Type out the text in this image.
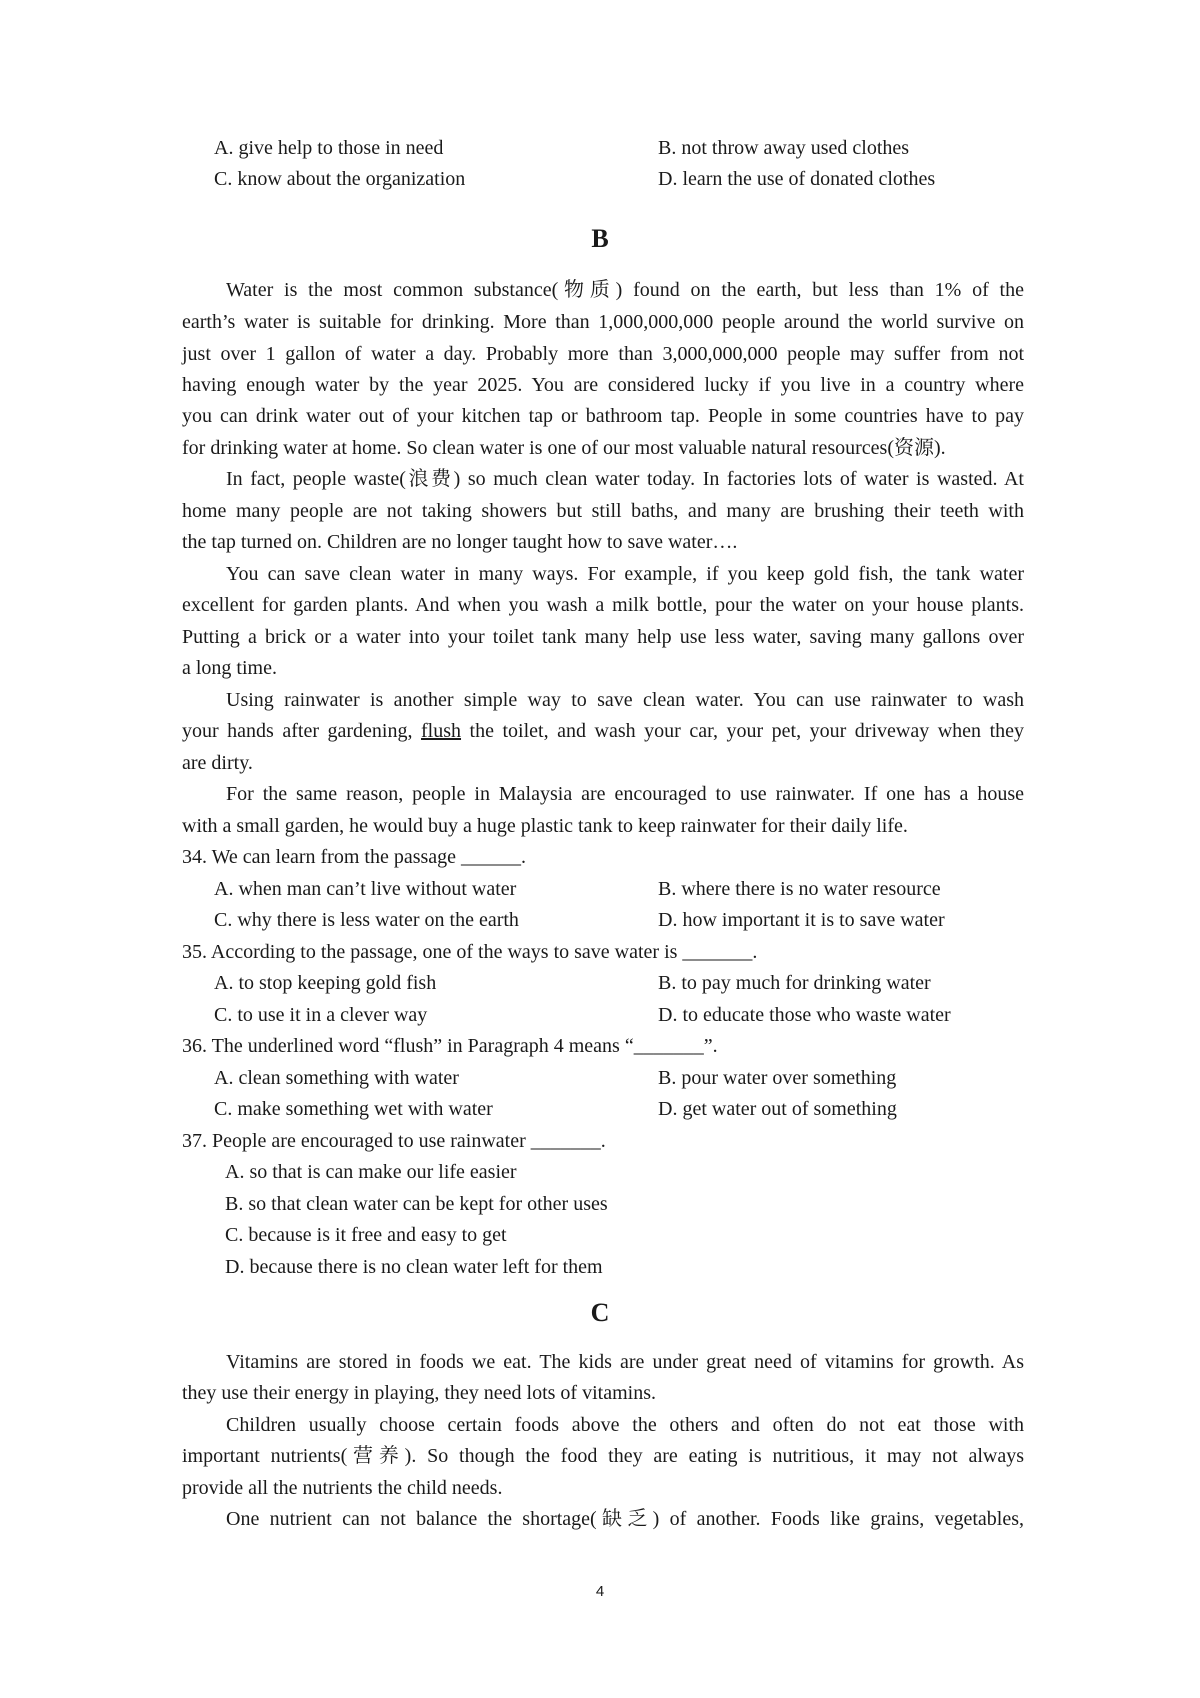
A. give help to those in need	B. not throw away used clothes
C. know about the organization	D. learn the use of donated clothes
B
Water is the most common substance(物质) found on the earth, but less than 1% of the
earth’s water is suitable for drinking. More than 1,000,000,000 people around the world survive on
just over 1 gallon of water a day. Probably more than 3,000,000,000 people may suffer from not
having enough water by the year 2025. You are considered lucky if you live in a country where
you can drink water out of your kitchen tap or bathroom tap. People in some countries have to pay
for drinking water at home. So clean water is one of our most valuable natural resources(资源).
In fact, people waste(浪费) so much clean water today. In factories lots of water is wasted. At
home many people are not taking showers but still baths, and many are brushing their teeth with
the tap turned on. Children are no longer taught how to save water….
You can save clean water in many ways. For example, if you keep gold fish, the tank water
excellent for garden plants. And when you wash a milk bottle, pour the water on your house plants.
Putting a brick or a water into your toilet tank many help use less water, saving many gallons over
a long time.
Using rainwater is another simple way to save clean water. You can use rainwater to wash
your hands after gardening, flush the toilet, and wash your car, your pet, your driveway when they
are dirty.
For the same reason, people in Malaysia are encouraged to use rainwater. If one has a house
with a small garden, he would buy a huge plastic tank to keep rainwater for their daily life.
34. We can learn from the passage ______.
A. when man can’t live without water	B. where there is no water resource
C. why there is less water on the earth	D. how important it is to save water
35. According to the passage, one of the ways to save water is _______.
A. to stop keeping gold fish	B. to pay much for drinking water
C. to use it in a clever way	D. to educate those who waste water
36. The underlined word “flush” in Paragraph 4 means “_______”.
A. clean something with water	B. pour water over something
C. make something wet with water	D. get water out of something
37. People are encouraged to use rainwater _______.
A. so that is can make our life easier
B. so that clean water can be kept for other uses
C. because is it free and easy to get
D. because there is no clean water left for them
C
Vitamins are stored in foods we eat. The kids are under great need of vitamins for growth. As
they use their energy in playing, they need lots of vitamins.
Children usually choose certain foods above the others and often do not eat those with
important nutrients(营养). So though the food they are eating is nutritious, it may not always
provide all the nutrients the child needs.
One nutrient can not balance the shortage(缺乏) of another. Foods like grains, vegetables,
4
